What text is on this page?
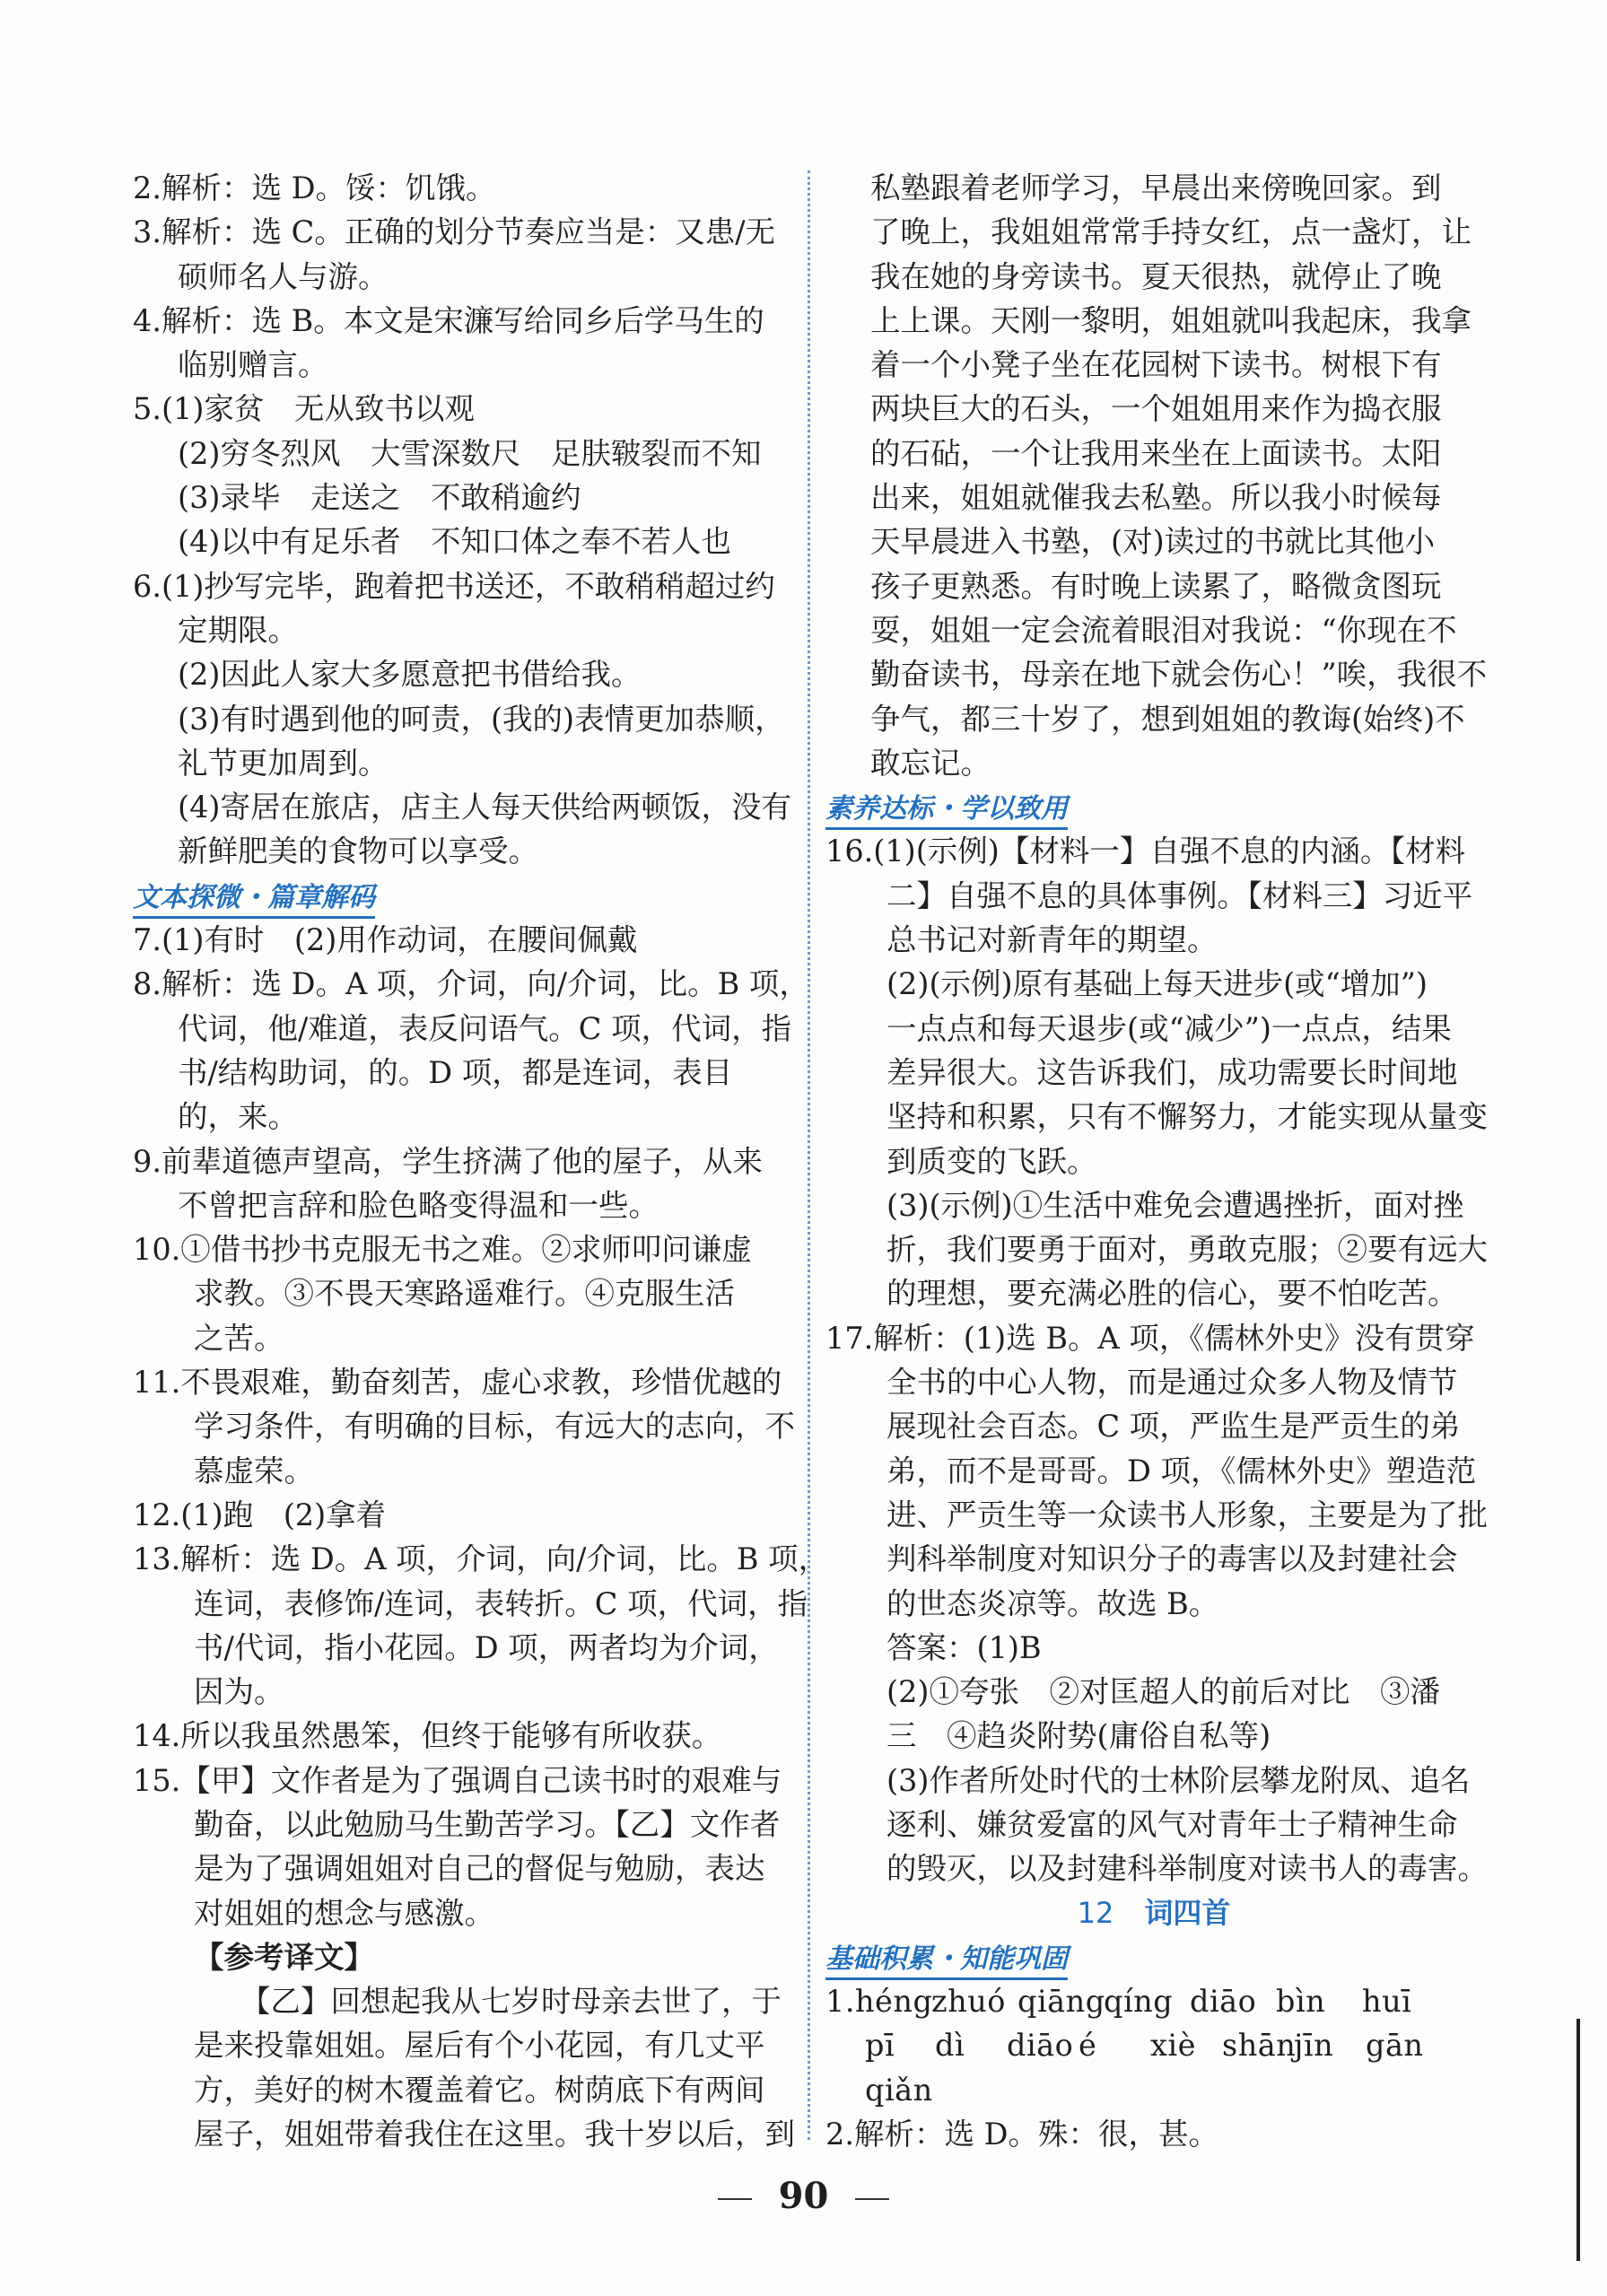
2.解析：选 D。馁：饥饿。
3.解析：选 C。正确的划分节奏应当是：又患/无
硕师名人与游。
4.解析：选 B。本文是宋濂写给同乡后学马生的
临别赠言。
5.(1)家贫　无从致书以观
(2)穷冬烈风　大雪深数尺　足肤皲裂而不知
(3)录毕　走送之　不敢稍逾约
(4)以中有足乐者　不知口体之奉不若人也
6.(1)抄写完毕，跑着把书送还，不敢稍稍超过约
定期限。
(2)因此人家大多愿意把书借给我。
(3)有时遇到他的呵责，(我的)表情更加恭顺，
礼节更加周到。
(4)寄居在旅店，店主人每天供给两顿饭，没有
新鲜肥美的食物可以享受。
文本探微・篇章解码
7.(1)有时　(2)用作动词，在腰间佩戴
8.解析：选 D。A 项，介词，向/介词，比。B 项，
代词，他/难道，表反问语气。C 项，代词，指
书/结构助词，的。D 项，都是连词，表目
的，来。
9.前辈道德声望高，学生挤满了他的屋子，从来
不曾把言辞和脸色略变得温和一些。
10.①借书抄书克服无书之难。②求师叩问谦虚
求教。③不畏天寒路遥难行。④克服生活
之苦。
11.不畏艰难，勤奋刻苦，虚心求教，珍惜优越的
学习条件，有明确的目标，有远大的志向，不
慕虚荣。
12.(1)跑　(2)拿着
13.解析：选 D。A 项，介词，向/介词，比。B 项，
连词，表修饰/连词，表转折。C 项，代词，指
书/代词，指小花园。D 项，两者均为介词，
因为。
14.所以我虽然愚笨，但终于能够有所收获。
15.【甲】文作者是为了强调自己读书时的艰难与
勤奋，以此勉励马生勤苦学习。【乙】文作者
是为了强调姐姐对自己的督促与勉励，表达
对姐姐的想念与感激。
【参考译文】
【乙】回想起我从七岁时母亲去世了，于
是来投靠姐姐。屋后有个小花园，有几丈平
方，美好的树木覆盖着它。树荫底下有两间
屋子，姐姐带着我住在这里。我十岁以后，到
私塾跟着老师学习，早晨出来傍晚回家。到
了晚上，我姐姐常常手持女红，点一盏灯，让
我在她的身旁读书。夏天很热，就停止了晚
上上课。天刚一黎明，姐姐就叫我起床，我拿
着一个小凳子坐在花园树下读书。树根下有
两块巨大的石头，一个姐姐用来作为捣衣服
的石砧，一个让我用来坐在上面读书。太阳
出来，姐姐就催我去私塾。所以我小时候每
天早晨进入书塾，(对)读过的书就比其他小
孩子更熟悉。有时晚上读累了，略微贪图玩
耍，姐姐一定会流着眼泪对我说：“你现在不
勤奋读书，母亲在地下就会伤心！”唉，我很不
争气，都三十岁了，想到姐姐的教诲(始终)不
敢忘记。
素养达标・学以致用
16.(1)(示例)【材料一】自强不息的内涵。【材料
二】自强不息的具体事例。【材料三】习近平
总书记对新青年的期望。
(2)(示例)原有基础上每天进步(或“增加”)
一点点和每天退步(或“减少”)一点点，结果
差异很大。这告诉我们，成功需要长时间地
坚持和积累，只有不懈努力，才能实现从量变
到质变的飞跃。
(3)(示例)①生活中难免会遭遇挫折，面对挫
折，我们要勇于面对，勇敢克服；②要有远大
的理想，要充满必胜的信心，要不怕吃苦。
17.解析：(1)选 B。A 项，《儒林外史》没有贯穿
全书的中心人物，而是通过众多人物及情节
展现社会百态。C 项，严监生是严贡生的弟
弟，而不是哥哥。D 项，《儒林外史》塑造范
进、严贡生等一众读书人形象，主要是为了批
判科举制度对知识分子的毒害以及封建社会
的世态炎凉等。故选 B。
答案：(1)B
(2)①夸张　②对匡超人的前后对比　③潘
三　④趋炎附势(庸俗自私等)
(3)作者所处时代的士林阶层攀龙附凤、追名
逐利、嫌贫爱富的风气对青年士子精神生命
的毁灭，以及封建科举制度对读书人的毒害。
12 词四首
基础积累・知能巩固
1.héngzhuó qiāngqíng diāo bìn huī
pī dì diāo é xiè shānjīn gān
qiǎn
2.解析：选 D。殊：很，甚。
90
